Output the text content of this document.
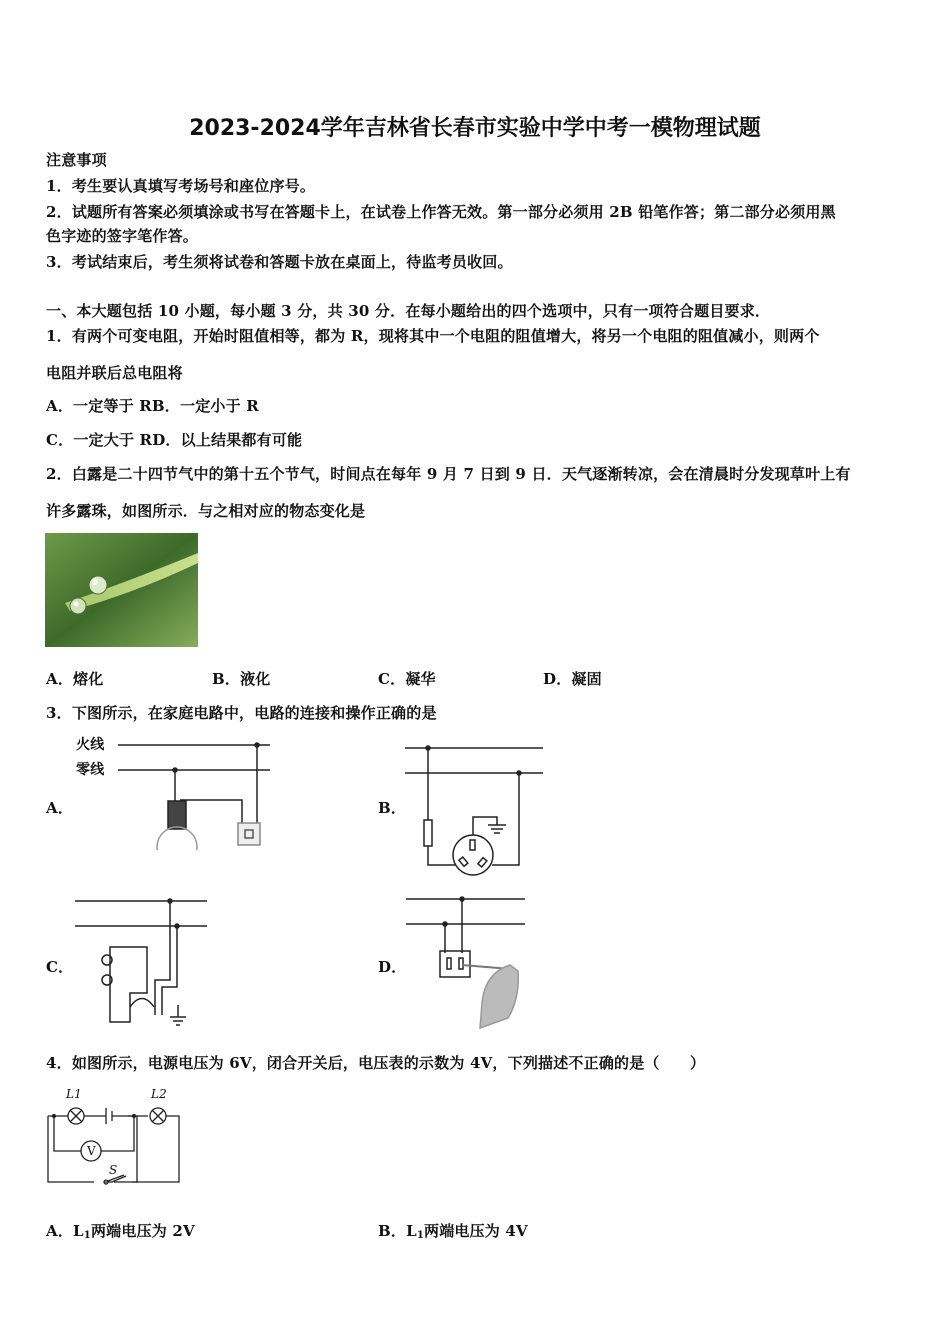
2023-2024学年吉林省长春市实验中学中考一模物理试题
注意事项
1．考生要认真填写考场号和座位序号。
2．试题所有答案必须填涂或书写在答题卡上，在试卷上作答无效。第一部分必须用 2B 铅笔作答；第二部分必须用黑
色字迹的签字笔作答。
3．考试结束后，考生须将试卷和答题卡放在桌面上，待监考员收回。
一、本大题包括 10 小题，每小题 3 分，共 30 分．在每小题给出的四个选项中，只有一项符合题目要求．
1．有两个可变电阻，开始时阻值相等，都为 R，现将其中一个电阻的阻值增大，将另一个电阻的阻值减小，则两个
电阻并联后总电阻将
A．一定等于 RB．一定小于 R
C．一定大于 RD．以上结果都有可能
2．白露是二十四节气中的第十五个节气，时间点在每年 9 月 7 日到 9 日．天气逐渐转凉，会在清晨时分发现草叶上有
许多露珠，如图所示．与之相对应的物态变化是
A．熔化	B．液化	C．凝华	D．凝固
3．下图所示，在家庭电路中，电路的连接和操作正确的是
A．
火线
零线
B．
C．	D．
4．如图所示，电源电压为 6V，闭合开关后，电压表的示数为 4V，下列描述不正确的是（　　）
L1	L2
V
S
A．$L_1$两端电压为 2V	B．$L_1$两端电压为 4V
